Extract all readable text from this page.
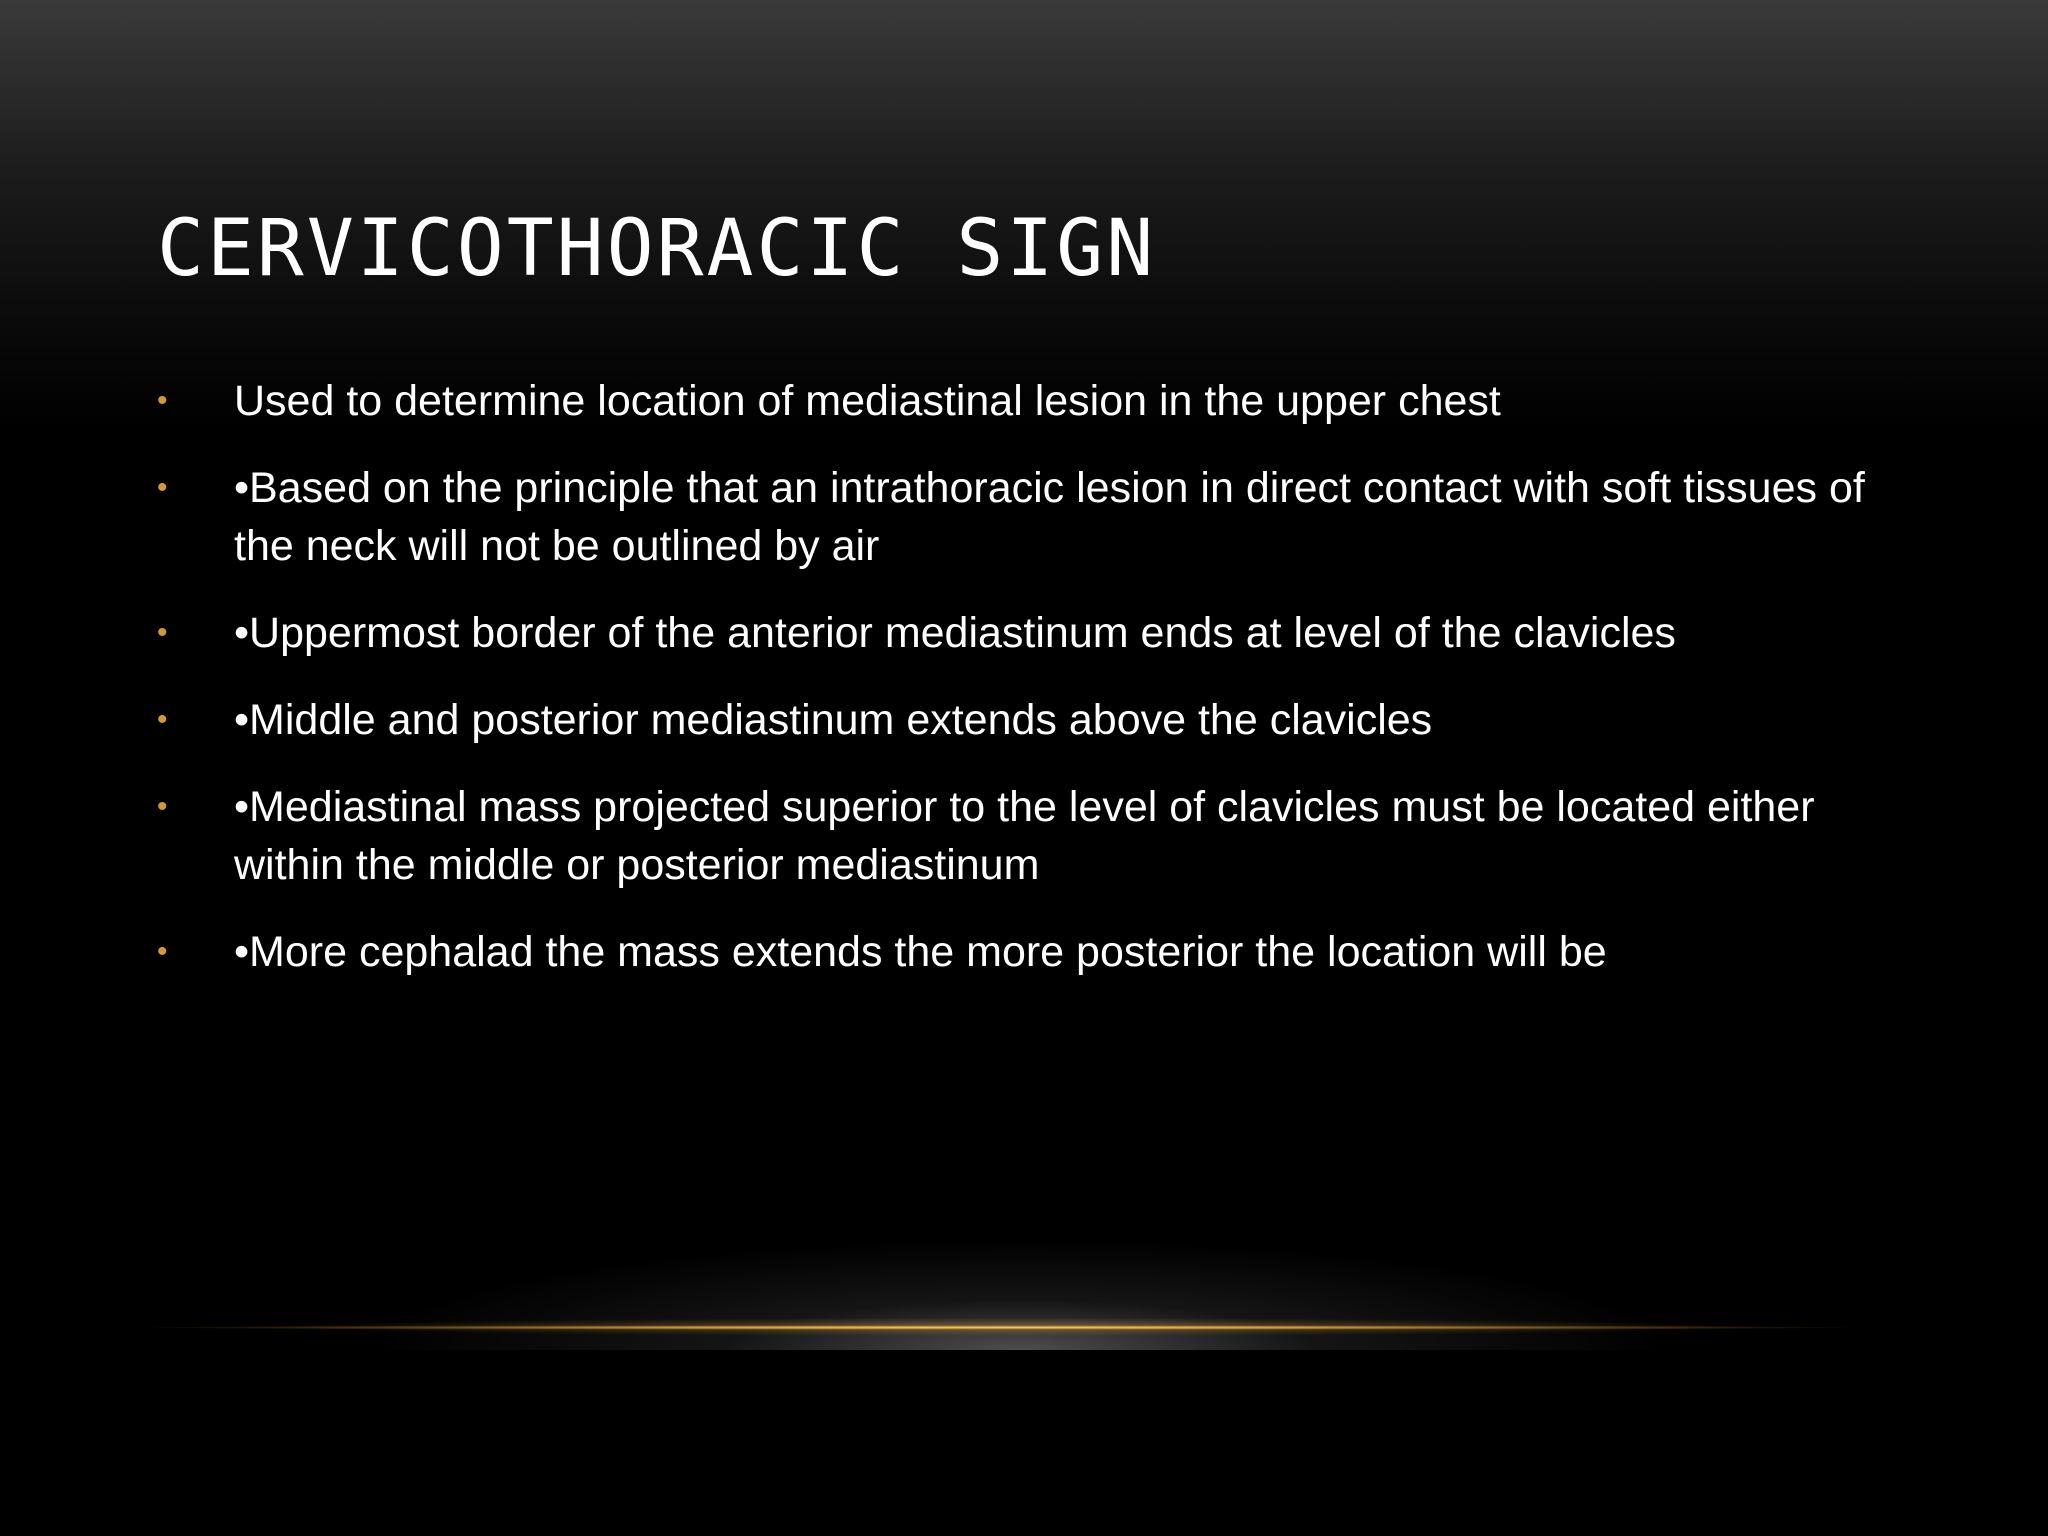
CERVICOTHORACIC SIGN
• Used to determine location of mediastinal lesion in the upper chest
• •Based on the principle that an intrathoracic lesion in direct contact with soft tissues of the neck will not be outlined by air
• •Uppermost border of the anterior mediastinum ends at level of the clavicles
• •Middle and posterior mediastinum extends above the clavicles
• •Mediastinal mass projected superior to the level of clavicles must be located either within the middle or posterior mediastinum
• •More cephalad the mass extends the more posterior the location will be
